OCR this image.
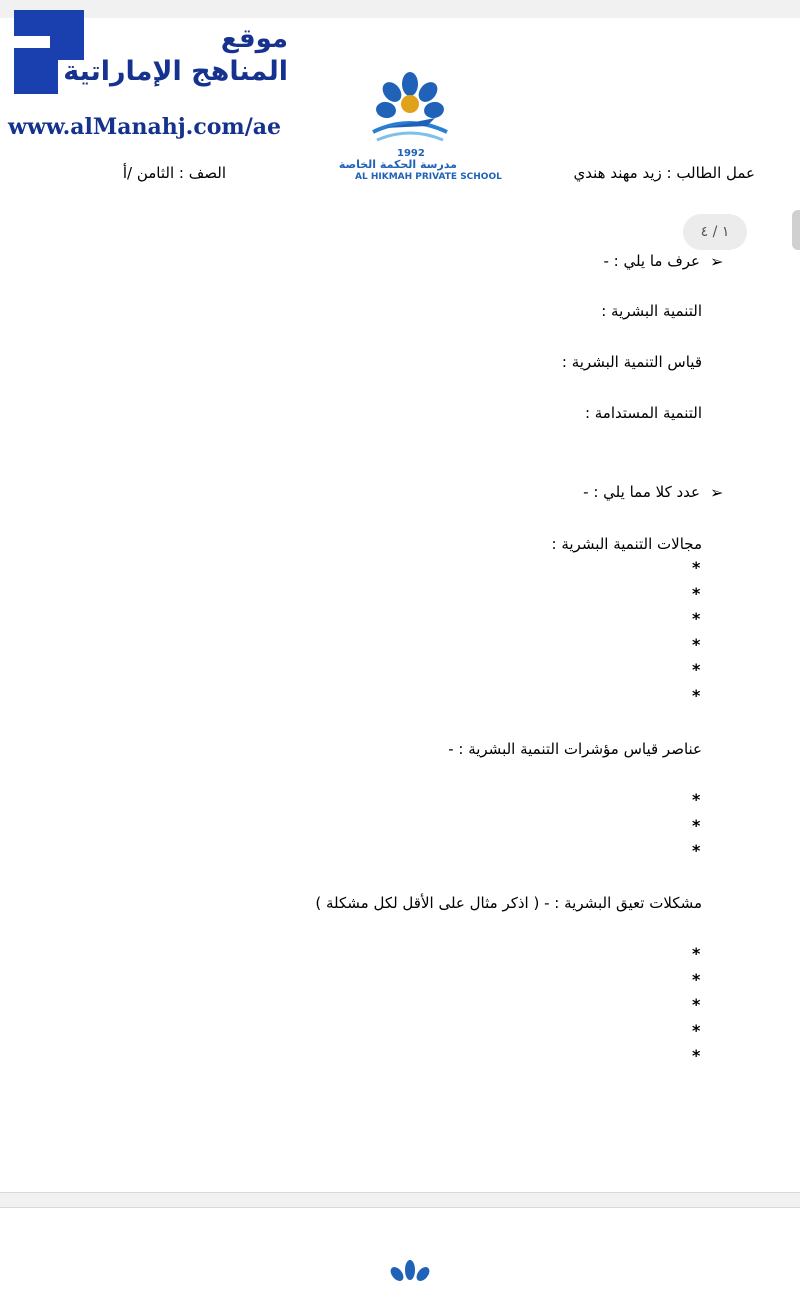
موقع
المناهج الإماراتية
www.alManahj.com/ae
1992
مدرسة الحكمة الخاصة
AL HIKMAH PRIVATE SCHOOL	عمل الطالب : زيد مهند هندي
الصف : الثامن /أ
١ / ٤
➢
عرف ما يلي : -
التنمية البشرية :
قياس التنمية البشرية :
التنمية المستدامة :
➢
عدد كلا مما يلي : -
مجالات التنمية البشرية :
*
*
*
*
*
*
عناصر قياس مؤشرات التنمية البشرية : -
*
*
*
مشكلات تعيق البشرية : - ( اذكر مثال على الأقل لكل مشكلة )
*
*
*
*
*
